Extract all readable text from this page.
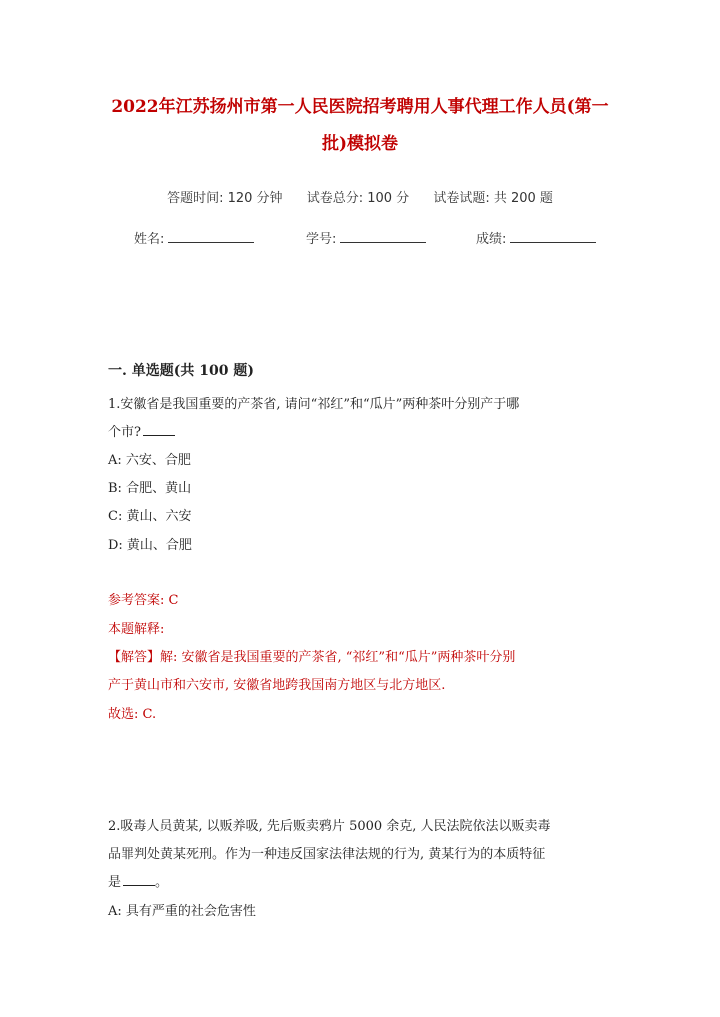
2022年江苏扬州市第一人民医院招考聘用人事代理工作人员(第一
批)模拟卷
答题时间: 120 分钟 试卷总分: 100 分 试卷试题: 共 200 题
姓名:	学号:	成绩:
一. 单选题(共 100 题)
1.安徽省是我国重要的产茶省, 请问“祁红”和“瓜片”两种茶叶分别产于哪
个市?
A: 六安、合肥
B: 合肥、黄山
C: 黄山、六安
D: 黄山、合肥
参考答案: C
本题解释:
【解答】解: 安徽省是我国重要的产茶省, “祁红”和“瓜片”两种茶叶分别
产于黄山市和六安市, 安徽省地跨我国南方地区与北方地区.
故选: C.
2.吸毒人员黄某, 以贩养吸, 先后贩卖鸦片 5000 余克, 人民法院依法以贩卖毒
品罪判处黄某死刑。作为一种违反国家法律法规的行为, 黄某行为的本质特征
是	。
A: 具有严重的社会危害性
